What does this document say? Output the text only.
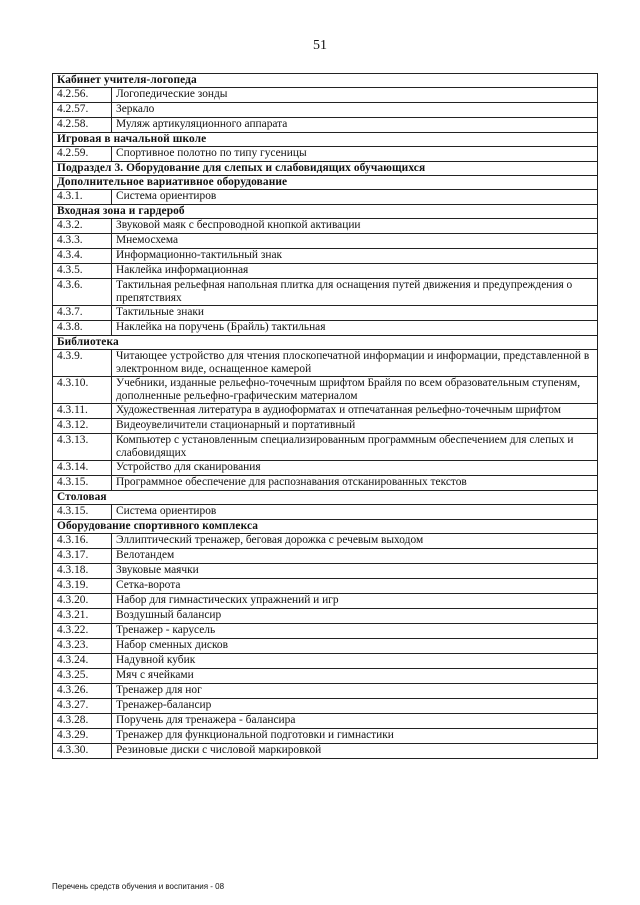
51
Кабинет учителя-логопеда	
4.2.56.	Логопедические зонды
4.2.57.	Зеркало
4.2.58.	Муляж артикуляционного аппарата
Игровая в начальной школе	
4.2.59.	Спортивное полотно по типу гусеницы
Подраздел 3. Оборудование для слепых и слабовидящих обучающихся	
Дополнительное вариативное оборудование	
4.3.1.	Система ориентиров
Входная зона и гардероб	
4.3.2.	Звуковой маяк с беспроводной кнопкой активации
4.3.3.	Мнемосхема
4.3.4.	Информационно-тактильный знак
4.3.5.	Наклейка информационная
4.3.6.	Тактильная рельефная напольная плитка для оснащения путей движения и предупреждения о препятствиях
4.3.7.	Тактильные знаки
4.3.8.	Наклейка на поручень (Брайль) тактильная
Библиотека	
4.3.9.	Читающее устройство для чтения плоскопечатной информации и информации, представленной в электронном виде, оснащенное камерой
4.3.10.	Учебники, изданные рельефно-точечным шрифтом Брайля по всем образовательным ступеням, дополненные рельефно-графическим материалом
4.3.11.	Художественная литература в аудиоформатах и отпечатанная рельефно-точечным шрифтом
4.3.12.	Видеоувеличители стационарный и портативный
4.3.13.	Компьютер с установленным специализированным программным обеспечением для слепых и слабовидящих
4.3.14.	Устройство для сканирования
4.3.15.	Программное обеспечение для распознавания отсканированных текстов
Столовая	
4.3.15.	Система ориентиров
Оборудование спортивного комплекса	
4.3.16.	Эллиптический тренажер, беговая дорожка с речевым выходом
4.3.17.	Велотандем
4.3.18.	Звуковые маячки
4.3.19.	Сетка-ворота
4.3.20.	Набор для гимнастических упражнений и игр
4.3.21.	Воздушный балансир
4.3.22.	Тренажер - карусель
4.3.23.	Набор сменных дисков
4.3.24.	Надувной кубик
4.3.25.	Мяч с ячейками
4.3.26.	Тренажер для ног
4.3.27.	Тренажер-балансир
4.3.28.	Поручень для тренажера - балансира
4.3.29.	Тренажер для функциональной подготовки и гимнастики
4.3.30.	Резиновые диски с числовой маркировкой
Перечень средств обучения и воспитания - 08
